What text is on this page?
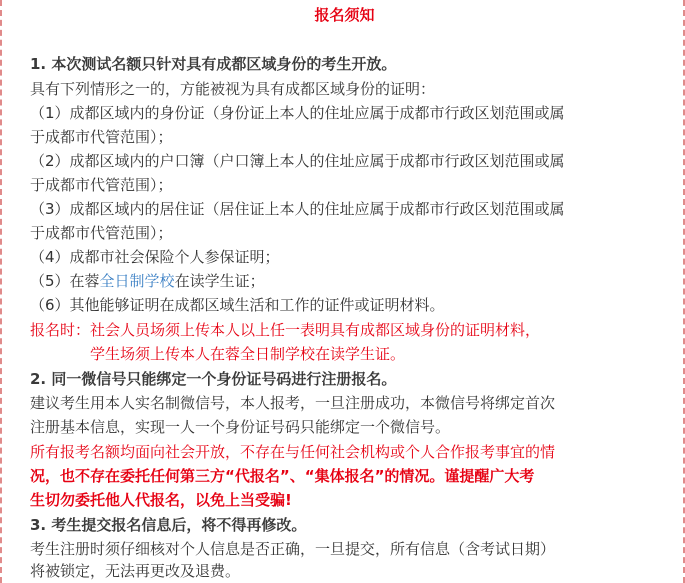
报名须知
1. 本次测试名额只针对具有成都区域身份的考生开放。
具有下列情形之一的，方能被视为具有成都区域身份的证明：
（1）成都区域内的身份证（身份证上本人的住址应属于成都市行政区划范围或属
于成都市代管范围）；
（2）成都区域内的户口簿（户口簿上本人的住址应属于成都市行政区划范围或属
于成都市代管范围）；
（3）成都区域内的居住证（居住证上本人的住址应属于成都市行政区划范围或属
于成都市代管范围）；
（4）成都市社会保险个人参保证明；
（5）在蓉全日制学校在读学生证；
（6）其他能够证明在成都区域生活和工作的证件或证明材料。
报名时：社会人员场须上传本人以上任一表明具有成都区域身份的证明材料，
学生场须上传本人在蓉全日制学校在读学生证。
2. 同一微信号只能绑定一个身份证号码进行注册报名。
建议考生用本人实名制微信号，本人报考，一旦注册成功，本微信号将绑定首次
注册基本信息，实现一人一个身份证号码只能绑定一个微信号。
所有报考名额均面向社会开放，不存在与任何社会机构或个人合作报考事宜的情
况，也不存在委托任何第三方“代报名”、“集体报名”的情况。谨提醒广大考
生切勿委托他人代报名，以免上当受骗!
3. 考生提交报名信息后，将不得再修改。
考生注册时须仔细核对个人信息是否正确，一旦提交，所有信息（含考试日期）
将被锁定，无法再更改及退费。
